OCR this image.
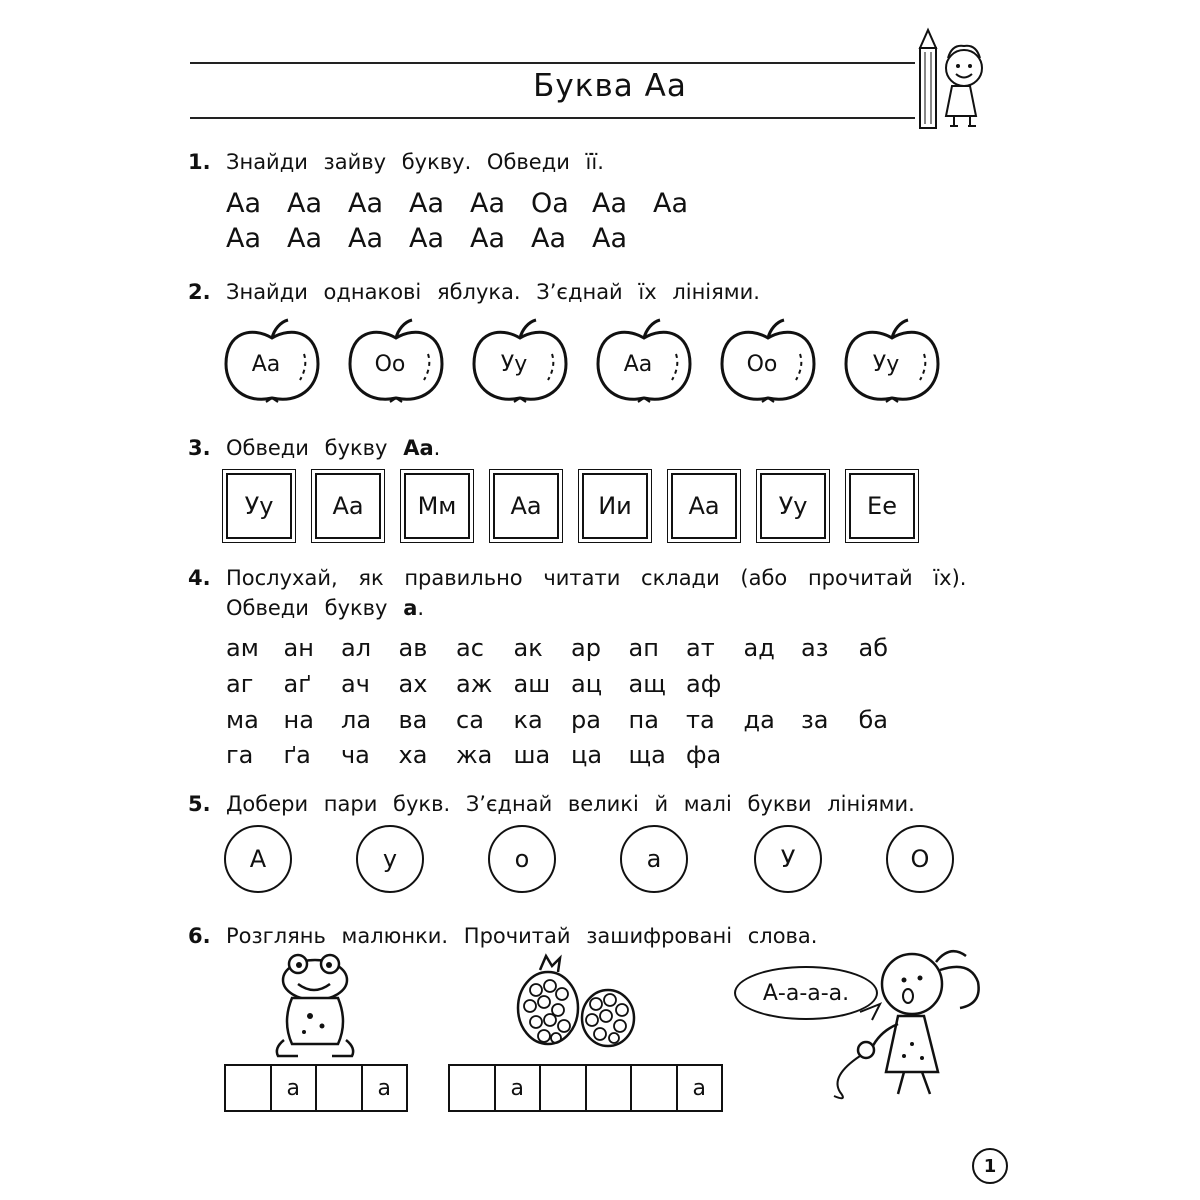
Буква Аа
1. Знайди зайву букву. Обведи її.
Аа Аа Аа Аа Аа Оа Аа Аа
Аа Аа Аа Аа Аа Аа Аа
2. Знайди однакові яблука. З’єднай їх лініями.
Аа	Оо	Уу	Аа	Оо	Уу
3. Обведи букву Аа.
Уу	Аа	Мм	Аа	Ии	Аа	Уу	Ее
4. Послухай, як правильно читати склади (або прочитай їх).
Обведи букву а.
ам	ан	ал	ав	ас	ак	ар	ап	ат	ад	аз	аб
аг	аґ	ач	ах	аж аш ац	ащ аф
ма	на	ла	ва	са	ка	ра	па	та	да	за	ба
га	ґа	ча	ха	жа ша ца	ща фа
5. Добери пари букв. З’єднай великі й малі букви лініями.
А	у	о	а	У	О
6. Розглянь малюнки. Прочитай зашифровані слова.
А-а-а-а.
а	а	а	а
1
